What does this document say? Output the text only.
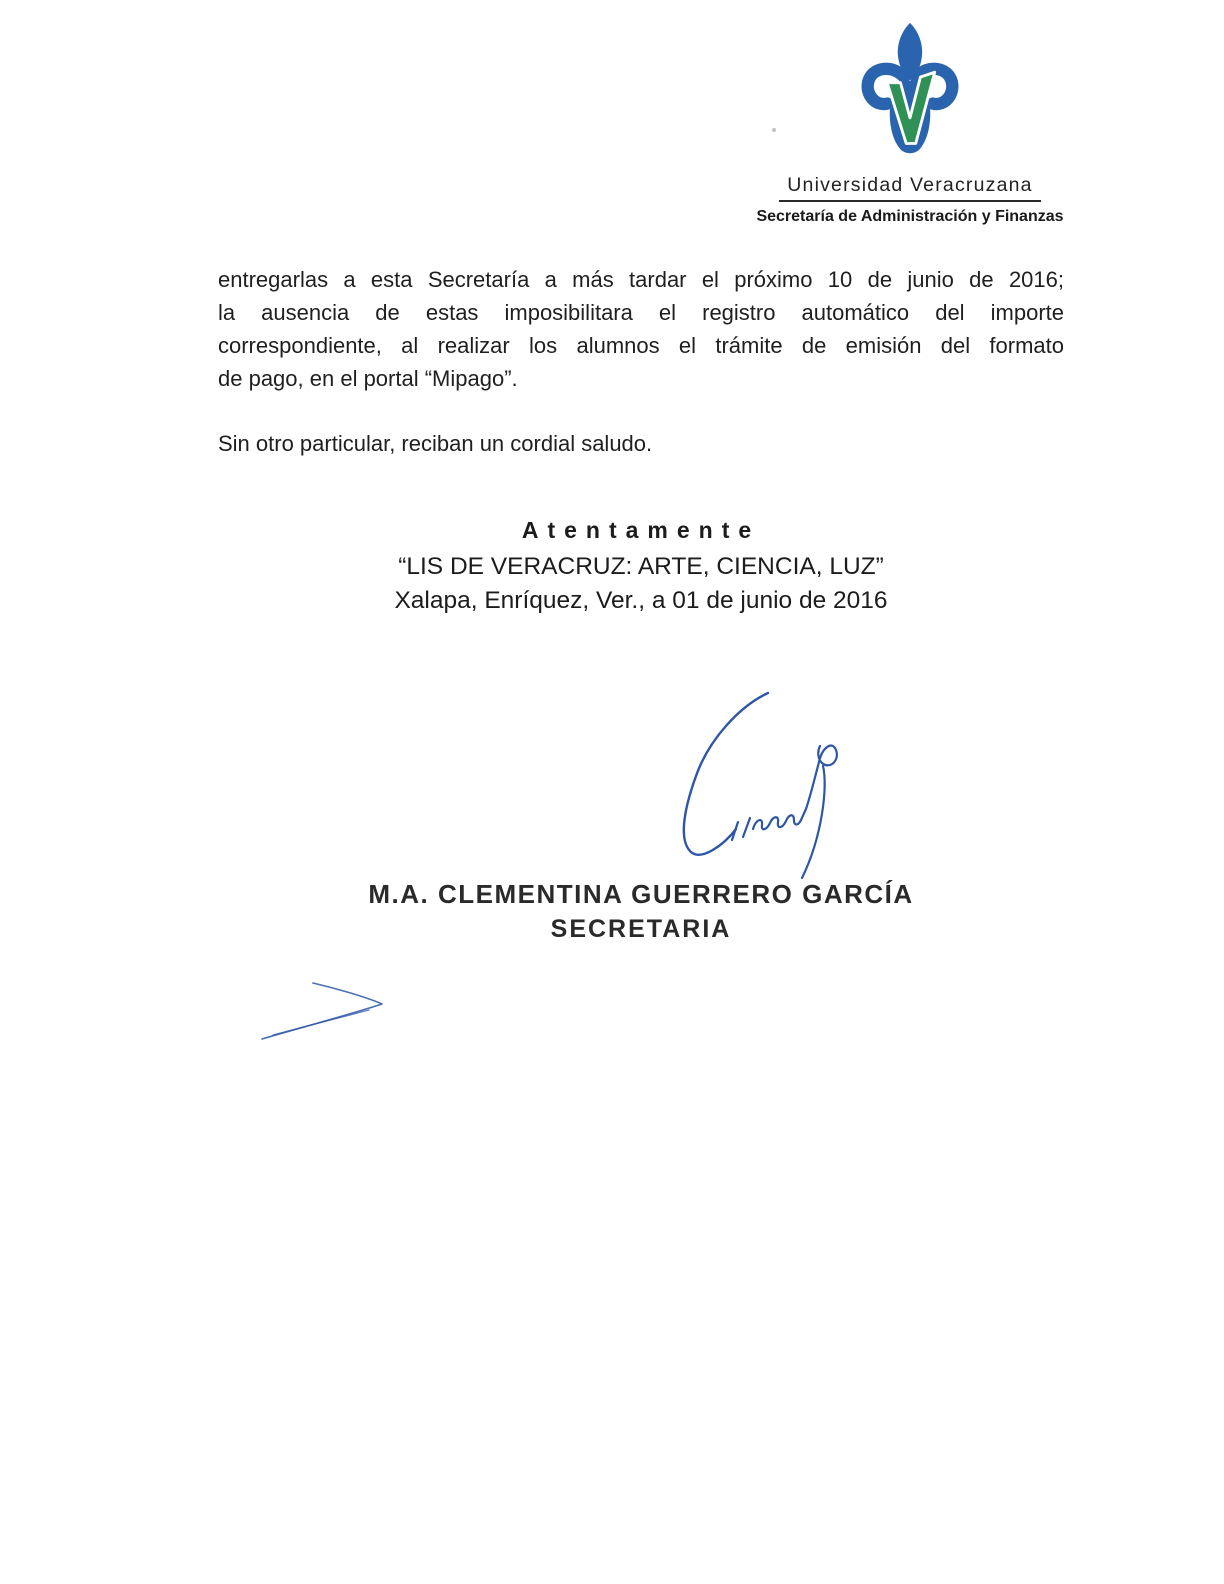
Universidad Veracruzana
Secretaría de Administración y Finanzas
entregarlas a esta Secretaría a más tardar el próximo 10 de junio de 2016;
la ausencia de estas imposibilitara el registro automático del importe
correspondiente, al realizar los alumnos el trámite de emisión del formato
de pago, en el portal “Mipago”.
Sin otro particular, reciban un cordial saludo.
Atentamente
“LIS DE VERACRUZ: ARTE, CIENCIA, LUZ”
Xalapa, Enríquez, Ver., a 01 de junio de 2016
M.A. CLEMENTINA GUERRERO GARCÍA
SECRETARIA
